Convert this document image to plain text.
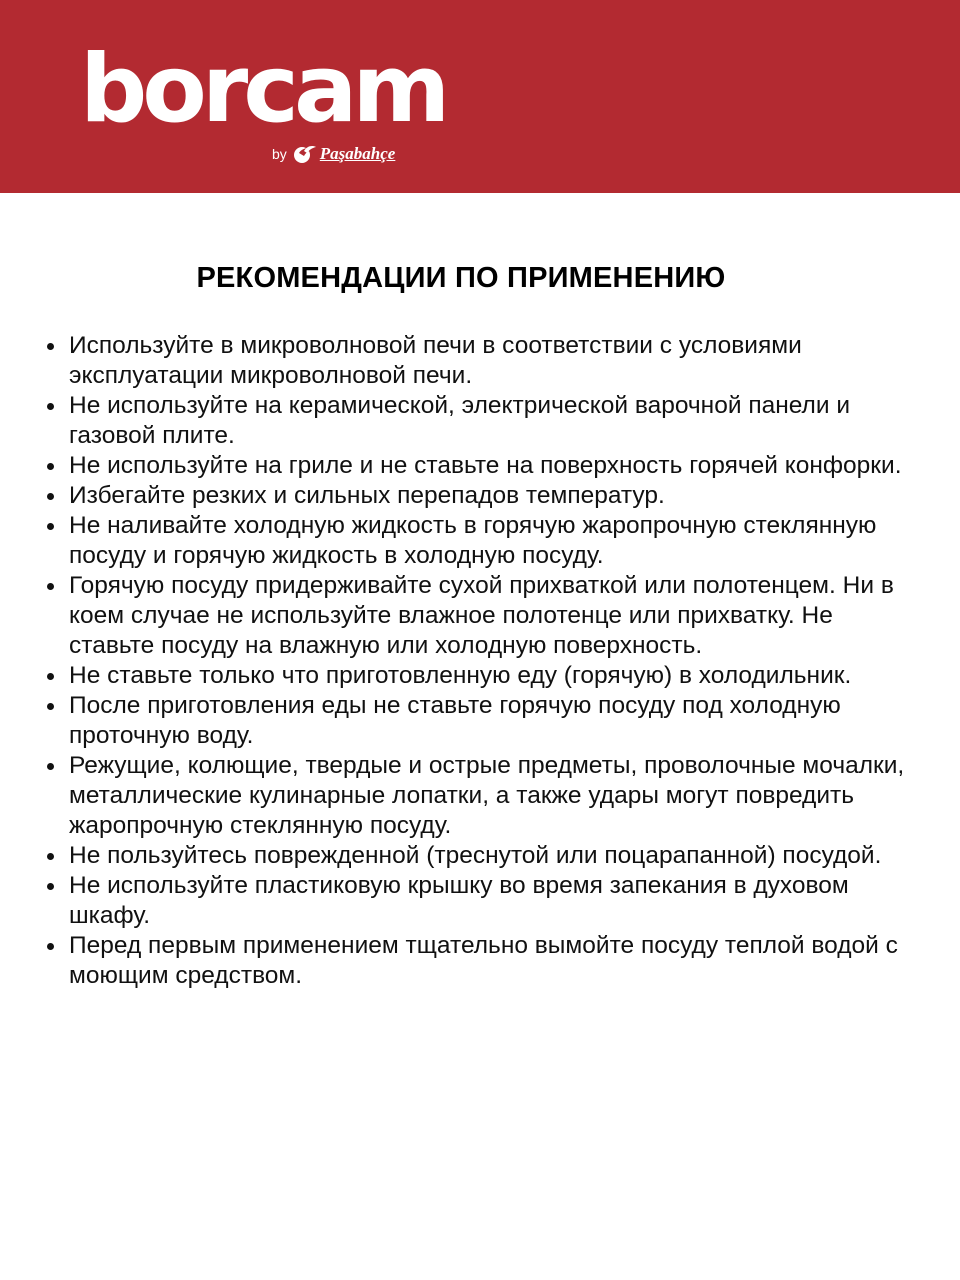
borcam
by Paşabahçe
РЕКОМЕНДАЦИИ ПО ПРИМЕНЕНИЮ
Используйте в микроволновой печи в соответствии с условиями эксплуатации микроволновой печи.
Не используйте на керамической, электрической варочной панели и газовой плите.
Не используйте на гриле и не ставьте на поверхность горячей конфорки.
Избегайте резких и сильных перепадов температур.
Не наливайте холодную жидкость в горячую жаропрочную стеклянную посуду и горячую жидкость в холодную посуду.
Горячую посуду придерживайте сухой прихваткой или полотенцем. Ни в коем случае не используйте влажное полотенце или прихватку. Не ставьте посуду на влажную или холодную поверхность.
Не ставьте только что приготовленную еду (горячую) в холодильник.
После приготовления еды не ставьте горячую посуду под холодную проточную воду.
Режущие, колющие, твердые и острые предметы, проволочные мочалки, металлические кулинарные лопатки, а также удары могут повредить жаропрочную стеклянную посуду.
Не пользуйтесь поврежденной (треснутой или поцарапанной) посудой.
Не используйте пластиковую крышку во время запекания в духовом шкафу.
Перед первым применением тщательно вымойте посуду теплой водой с моющим средством.
